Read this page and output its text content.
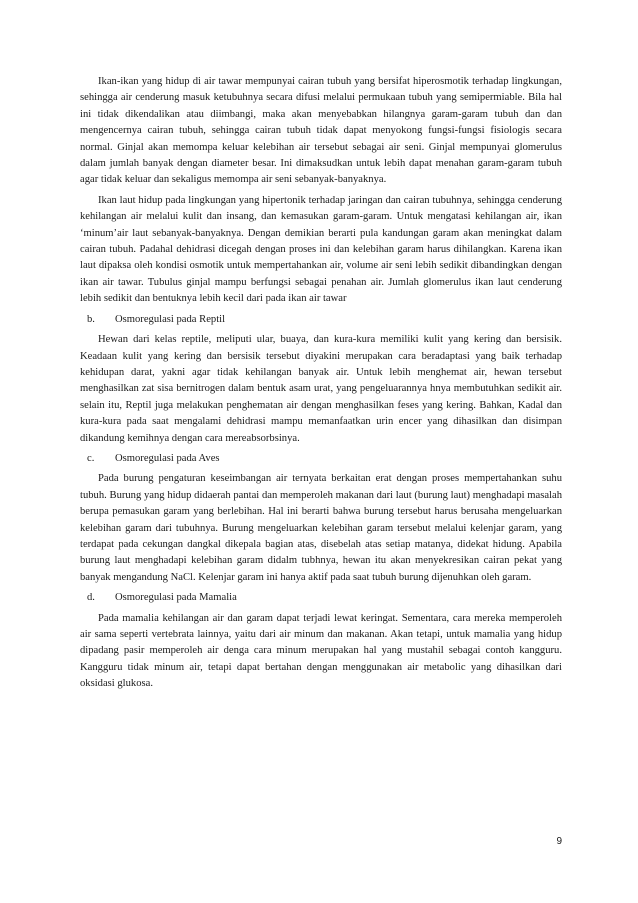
Ikan-ikan yang hidup di air tawar mempunyai cairan tubuh yang bersifat hiperosmotik terhadap lingkungan, sehingga air cenderung masuk ketubuhnya secara difusi melalui permukaan tubuh yang semipermiable. Bila hal ini tidak dikendalikan atau diimbangi, maka akan menyebabkan hilangnya garam-garam tubuh dan dan mengencernya cairan tubuh, sehingga cairan tubuh tidak dapat menyokong fungsi-fungsi fisiologis secara normal. Ginjal akan memompa keluar kelebihan air tersebut sebagai air seni. Ginjal mempunyai glomerulus dalam jumlah banyak dengan diameter besar. Ini dimaksudkan untuk lebih dapat menahan garam-garam tubuh agar tidak keluar dan sekaligus memompa air seni sebanyak-banyaknya.

Ikan laut hidup pada lingkungan yang hipertonik terhadap jaringan dan cairan tubuhnya, sehingga cenderung kehilangan air melalui kulit dan insang, dan kemasukan garam-garam. Untuk mengatasi kehilangan air, ikan ‘minum’air laut sebanyak-banyaknya. Dengan demikian berarti pula kandungan garam akan meningkat dalam cairan tubuh. Padahal dehidrasi dicegah dengan proses ini dan kelebihan garam harus dihilangkan. Karena ikan laut dipaksa oleh kondisi osmotik untuk mempertahankan air, volume air seni lebih sedikit dibandingkan dengan ikan air tawar. Tubulus ginjal mampu berfungsi sebagai penahan air. Jumlah glomerulus ikan laut cenderung lebih sedikit dan bentuknya lebih kecil dari pada ikan air tawar

b.	Osmoregulasi pada Reptil

Hewan dari kelas reptile, meliputi ular, buaya, dan kura-kura memiliki kulit yang kering dan bersisik. Keadaan kulit yang kering dan bersisik tersebut diyakini merupakan cara beradaptasi yang baik terhadap kehidupan darat, yakni agar tidak kehilangan banyak air. Untuk lebih menghemat air, hewan tersebut menghasilkan zat sisa bernitrogen dalam bentuk asam urat, yang pengeluarannya hnya membutuhkan sedikit air. selain itu, Reptil juga melakukan penghematan air dengan menghasilkan feses yang kering. Bahkan, Kadal dan kura-kura pada saat mengalami dehidrasi mampu memanfaatkan urin encer yang dihasilkan dan disimpan dikandung kemihnya dengan cara mereabsorbsinya.

c.	Osmoregulasi pada Aves

Pada burung pengaturan keseimbangan air ternyata berkaitan erat dengan proses mempertahankan suhu tubuh. Burung yang hidup didaerah pantai dan memperoleh makanan dari laut (burung laut) menghadapi masalah berupa pemasukan garam yang berlebihan. Hal ini berarti bahwa burung tersebut harus berusaha mengeluarkan kelebihan garam dari tubuhnya. Burung mengeluarkan kelebihan garam tersebut melalui kelenjar garam, yang terdapat pada cekungan dangkal dikepala bagian atas, disebelah atas setiap matanya, didekat hidung. Apabila burung laut menghadapi kelebihan garam didalm tubhnya, hewan itu akan menyekresikan cairan pekat yang banyak mengandung NaCl. Kelenjar garam ini hanya aktif pada saat tubuh burung dijenuhkan oleh garam.

d.	Osmoregulasi pada Mamalia

Pada mamalia kehilangan air dan garam dapat terjadi lewat keringat. Sementara, cara mereka memperoleh air sama seperti vertebrata lainnya, yaitu dari air minum dan makanan. Akan tetapi, untuk mamalia yang hidup dipadang pasir memperoleh air denga cara minum merupakan hal yang mustahil sebagai contoh kangguru. Kangguru tidak minum air, tetapi dapat bertahan dengan menggunakan air metabolic yang dihasilkan dari oksidasi glukosa.

9
